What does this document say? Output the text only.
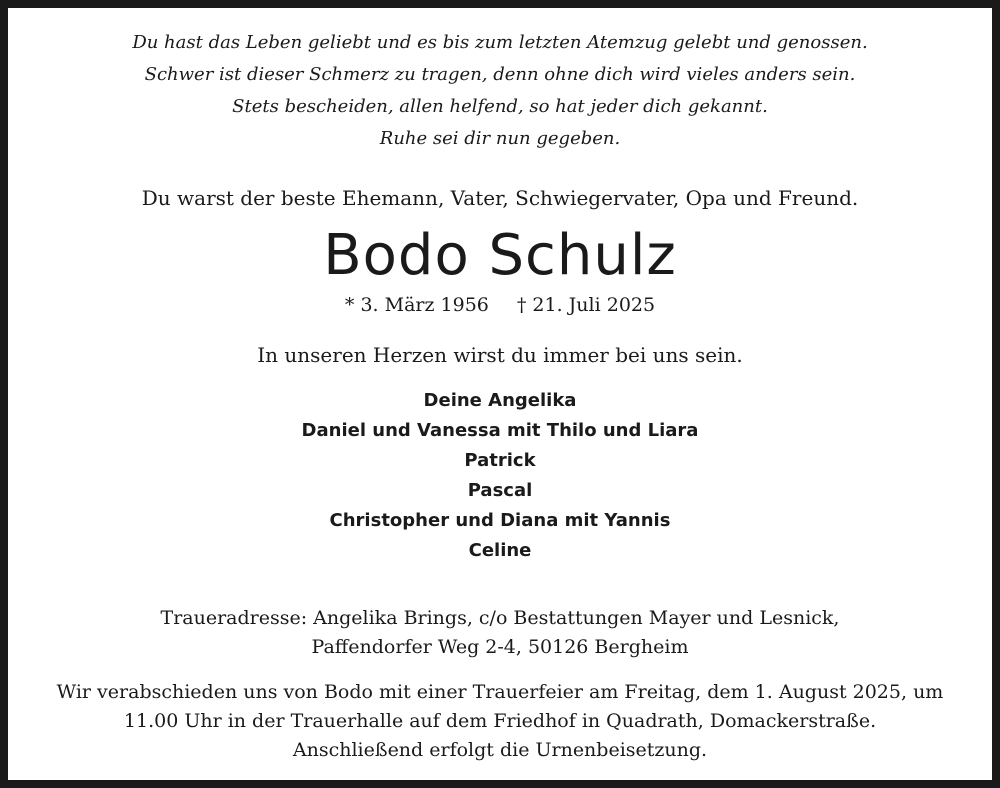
Du hast das Leben geliebt und es bis zum letzten Atemzug gelebt und genossen.
Schwer ist dieser Schmerz zu tragen, denn ohne dich wird vieles anders sein.
Stets bescheiden, allen helfend, so hat jeder dich gekannt.
Ruhe sei dir nun gegeben.
Du warst der beste Ehemann, Vater, Schwiegervater, Opa und Freund.
Bodo Schulz
* 3. März 1956 † 21. Juli 2025
In unseren Herzen wirst du immer bei uns sein.
Deine Angelika
Daniel und Vanessa mit Thilo und Liara
Patrick
Pascal
Christopher und Diana mit Yannis
Celine
Traueradresse: Angelika Brings, c/o Bestattungen Mayer und Lesnick,
Paffendorfer Weg 2-4, 50126 Bergheim
Wir verabschieden uns von Bodo mit einer Trauerfeier am Freitag, dem 1. August 2025, um
11.00 Uhr in der Trauerhalle auf dem Friedhof in Quadrath, Domackerstraße.
Anschließend erfolgt die Urnenbeisetzung.
